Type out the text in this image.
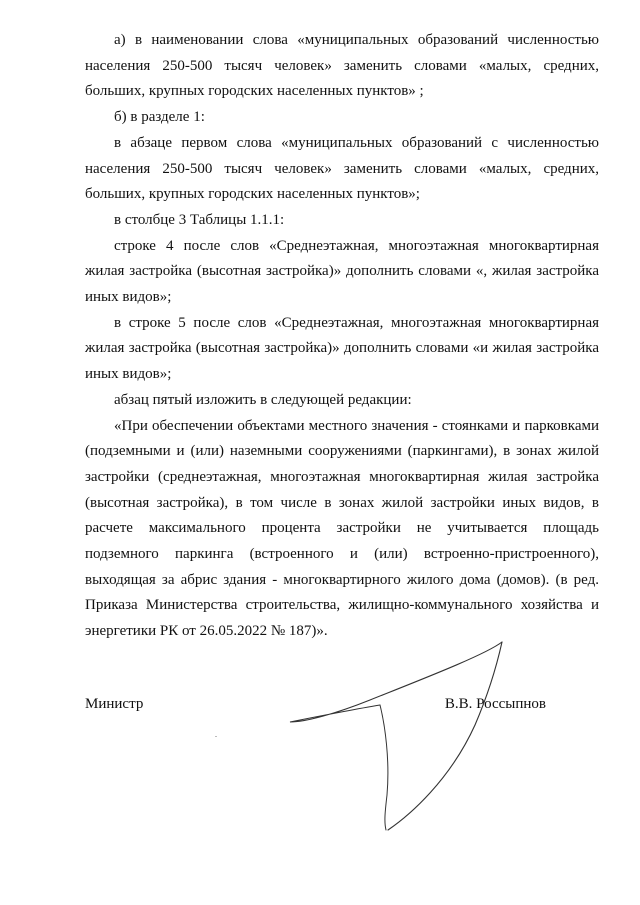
а) в наименовании слова «муниципальных образований численностью населения 250-500 тысяч человек» заменить словами «малых, средних, больших, крупных городских населенных пунктов» ;

б) в разделе 1:

в абзаце первом слова «муниципальных образований с численностью населения 250-500 тысяч человек» заменить словами «малых, средних, больших, крупных городских населенных пунктов»;

в столбце 3 Таблицы 1.1.1:

строке 4 после слов «Среднеэтажная, многоэтажная многоквартирная жилая застройка (высотная застройка)» дополнить словами «, жилая застройка иных видов»;

в строке 5 после слов «Среднеэтажная, многоэтажная многоквартирная жилая застройка (высотная застройка)» дополнить словами «и жилая застройка иных видов»;

абзац пятый изложить в следующей редакции:

«При обеспечении объектами местного значения - стоянками и парковками (подземными и (или) наземными сооружениями (паркингами), в зонах жилой застройки (среднеэтажная, многоэтажная многоквартирная жилая застройка (высотная застройка), в том числе в зонах жилой застройки иных видов, в расчете максимального процента застройки не учитывается площадь подземного паркинга (встроенного и (или) встроенно-пристроенного), выходящая за абрис здания - многоквартирного жилого дома (домов). (в ред. Приказа Министерства строительства, жилищно-коммунального хозяйства и энергетики РК от 26.05.2022 № 187)».

Министр	В.В. Россыпнов
